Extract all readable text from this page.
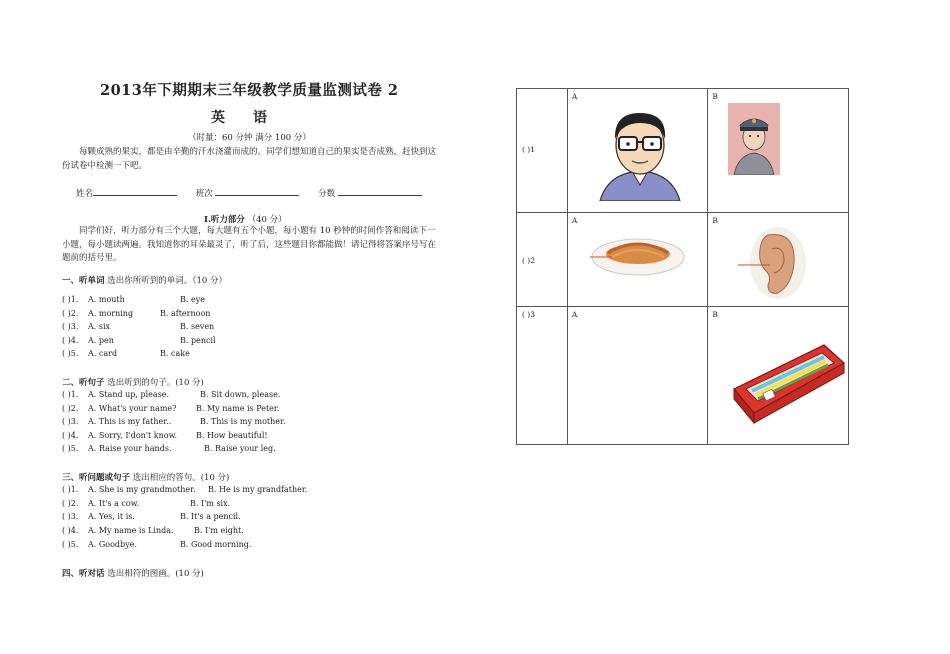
2013年下期期末三年级教学质量监测试卷 2
英语
（时量：60 分钟 满分 100 分）
每颗成熟的果实，都是由辛勤的汗水浇灌而成的。同学们想知道自己的果实是否成熟，赶快到这份试卷中检测一下吧。
姓名	班次	分数
Ⅰ.听力部分 （40 分）
同学们好，听力部分有三个大题，每大题有五个小题，每小题有 10 秒钟的时间作答和阅读下一小题，每小题读两遍。我知道你的耳朵最灵了，听了后，这些题目你都能做！请记得将答案序号写在题前的括号里。
一、听单词 选出你所听到的单词。（10 分）
( )1. A. mouth	B. eye
( )2. A. morning	B. afternoon
( )3. A. six	B. seven
( )4. A. pen	B. pencil
( )5. A. card	B. cake
二、听句子 选出听到的句子。(10 分)
( )1. A. Stand up, please.	B. Sit down, please.
( )2. A. What's your name? B. My name is Peter.
( )3. A. This is my father..	B. This is my mother.
( )4. A. Sorry, I'don't know. B. How beautiful!
( )5. A. Raise your hands.	B. Raise your leg.
三、听问题或句子 选出相应的答句。(10 分)
( )1. A. She is my grandmother. B. He is my grandfather.
( )2. A. It's a cow.	B. I'm six.
( )3. A. Yes, it is.	B. It's a pencil.
( )4. A. My name is Linda.	B. I'm eight.
( )5. A. Goodbye.	B. Good morning.
四、听对话 选出相符的图画。(10 分)
( )1	A	B

( )2	A	B

( )3	A	B
